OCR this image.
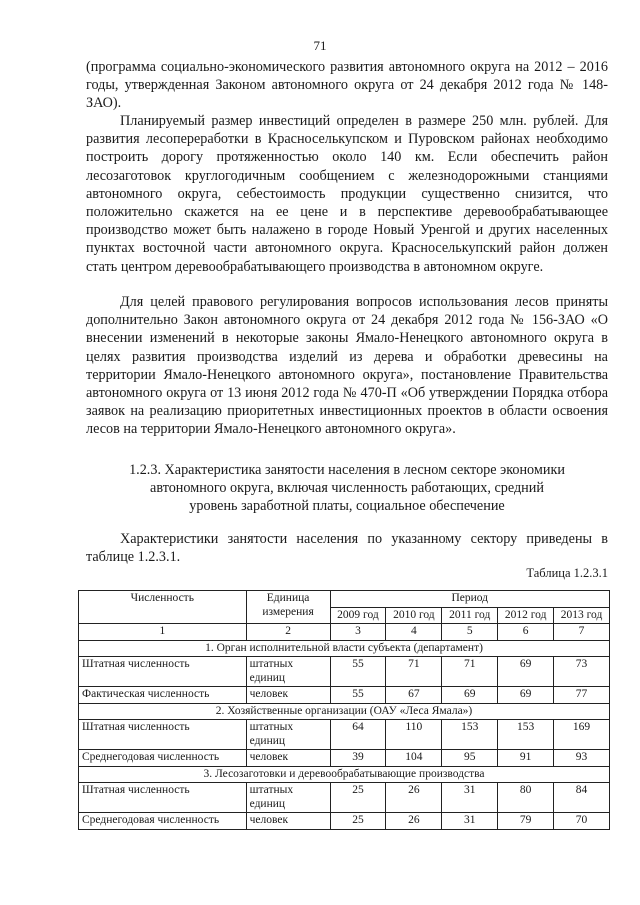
71

(программа социально-экономического развития автономного округа на 2012 – 2016 годы, утвержденная Законом автономного округа от 24 декабря 2012 года № 148-ЗАО).

Планируемый размер инвестиций определен в размере 250 млн. рублей. Для развития лесопереработки в Красноселькупском и Пуровском районах необходимо построить дорогу протяженностью около 140 км. Если обеспечить район лесозаготовок круглогодичным сообщением с железнодорожными станциями автономного округа, себестоимость продукции существенно снизится, что положительно скажется на ее цене и в перспективе деревообрабатывающее производство может быть налажено в городе Новый Уренгой и других населенных пунктах восточной части автономного округа. Красноселькупский район должен стать центром деревообрабатывающего производства в автономном округе.

Для целей правового регулирования вопросов использования лесов приняты дополнительно Закон автономного округа от 24 декабря 2012 года № 156-ЗАО «О внесении изменений в некоторые законы Ямало-Ненецкого автономного округа в целях развития производства изделий из дерева и обработки древесины на территории Ямало-Ненецкого автономного округа», постановление Правительства автономного округа от 13 июня 2012 года № 470-П «Об утверждении Порядка отбора заявок на реализацию приоритетных инвестиционных проектов в области освоения лесов на территории Ямало-Ненецкого автономного округа».

1.2.3. Характеристика занятости населения в лесном секторе экономики
автономного округа, включая численность работающих, средний
уровень заработной платы, социальное обеспечение

Характеристики занятости населения по указанному сектору приведены в таблице 1.2.3.1.

Таблица 1.2.3.1
Численность	Единица измерения	Период				
		2009 год	2010 год	2011 год	2012 год	2013 год
1	2	3	4	5	6	7
1. Орган исполнительной власти субъекта (департамент)						
Штатная численность	штатных единиц	55	71	71	69	73
Фактическая численность	человек	55	67	69	69	77
2. Хозяйственные организации (ОАУ «Леса Ямала»)						
Штатная численность	штатных единиц	64	110	153	153	169
Среднегодовая численность	человек	39	104	95	91	93
3. Лесозаготовки и деревообрабатывающие производства						
Штатная численность	штатных единиц	25	26	31	80	84
Среднегодовая численность	человек	25	26	31	79	70
